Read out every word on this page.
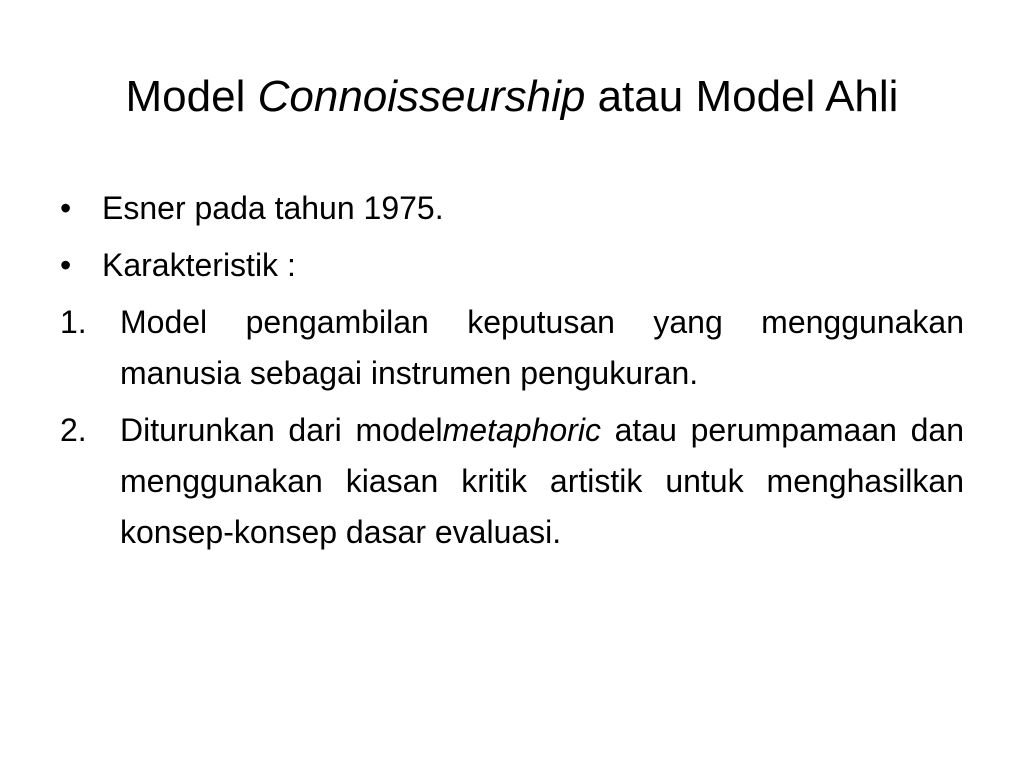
Model Connoisseurship atau Model Ahli
• Esner pada tahun 1975.
• Karakteristik :
1.	Model pengambilan keputusan yang menggunakan manusia sebagai instrumen pengukuran.
2.	Diturunkan dari modelmetaphoric atau perumpamaan dan menggunakan kiasan kritik artistik untuk menghasilkan konsep-konsep dasar evaluasi.
